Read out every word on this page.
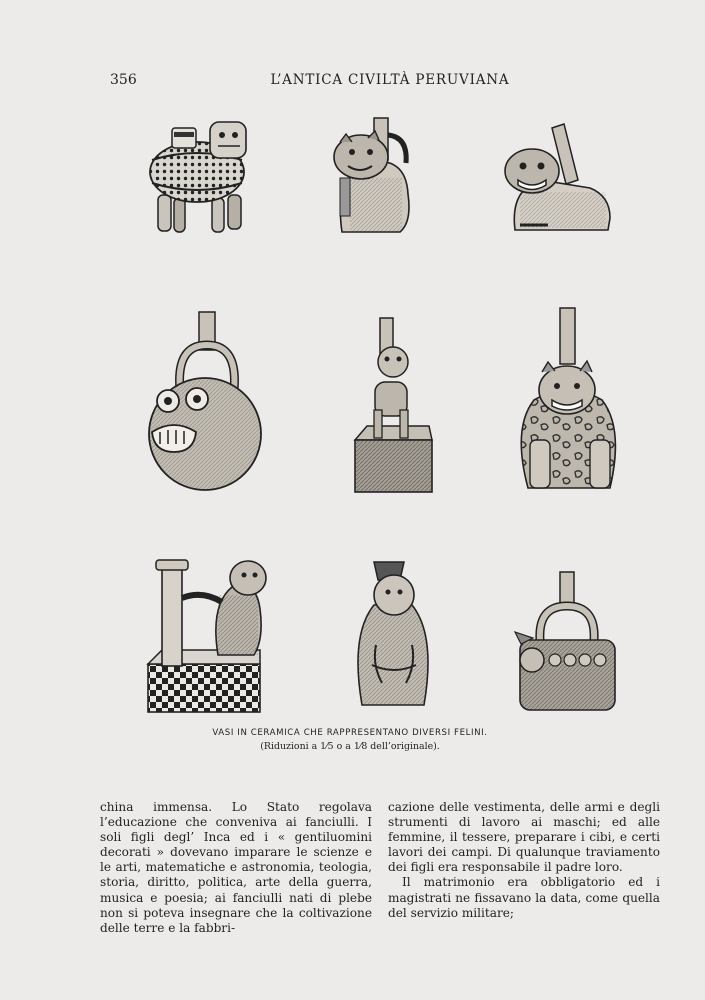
356	L’ANTICA CIVILTÀ PERUVIANA
VASI IN CERAMICA CHE RAPPRESENTANO DIVERSI FELINI.
(Riduzioni a 1⁄5 o a 1⁄8 dell’originale).

china immensa. Lo Stato regolava l’educazione che conveniva ai fanciulli. I soli figli degl’ Inca ed i « gentiluomini decorati » dovevano imparare le scienze e le arti, matematiche e astronomia, teologia, storia, diritto, politica, arte della guerra, musica e poesia; ai fanciulli nati di plebe non si poteva insegnare che la coltivazione delle terre e la fabbri-

cazione delle vestimenta, delle armi e degli strumenti di lavoro ai maschi; ed alle femmine, il tessere, preparare i cibi, e certi lavori dei campi. Di qualunque traviamento dei figli era responsabile il padre loro.

Il matrimonio era obbligatorio ed i magistrati ne fissavano la data, come quella del servizio militare;
